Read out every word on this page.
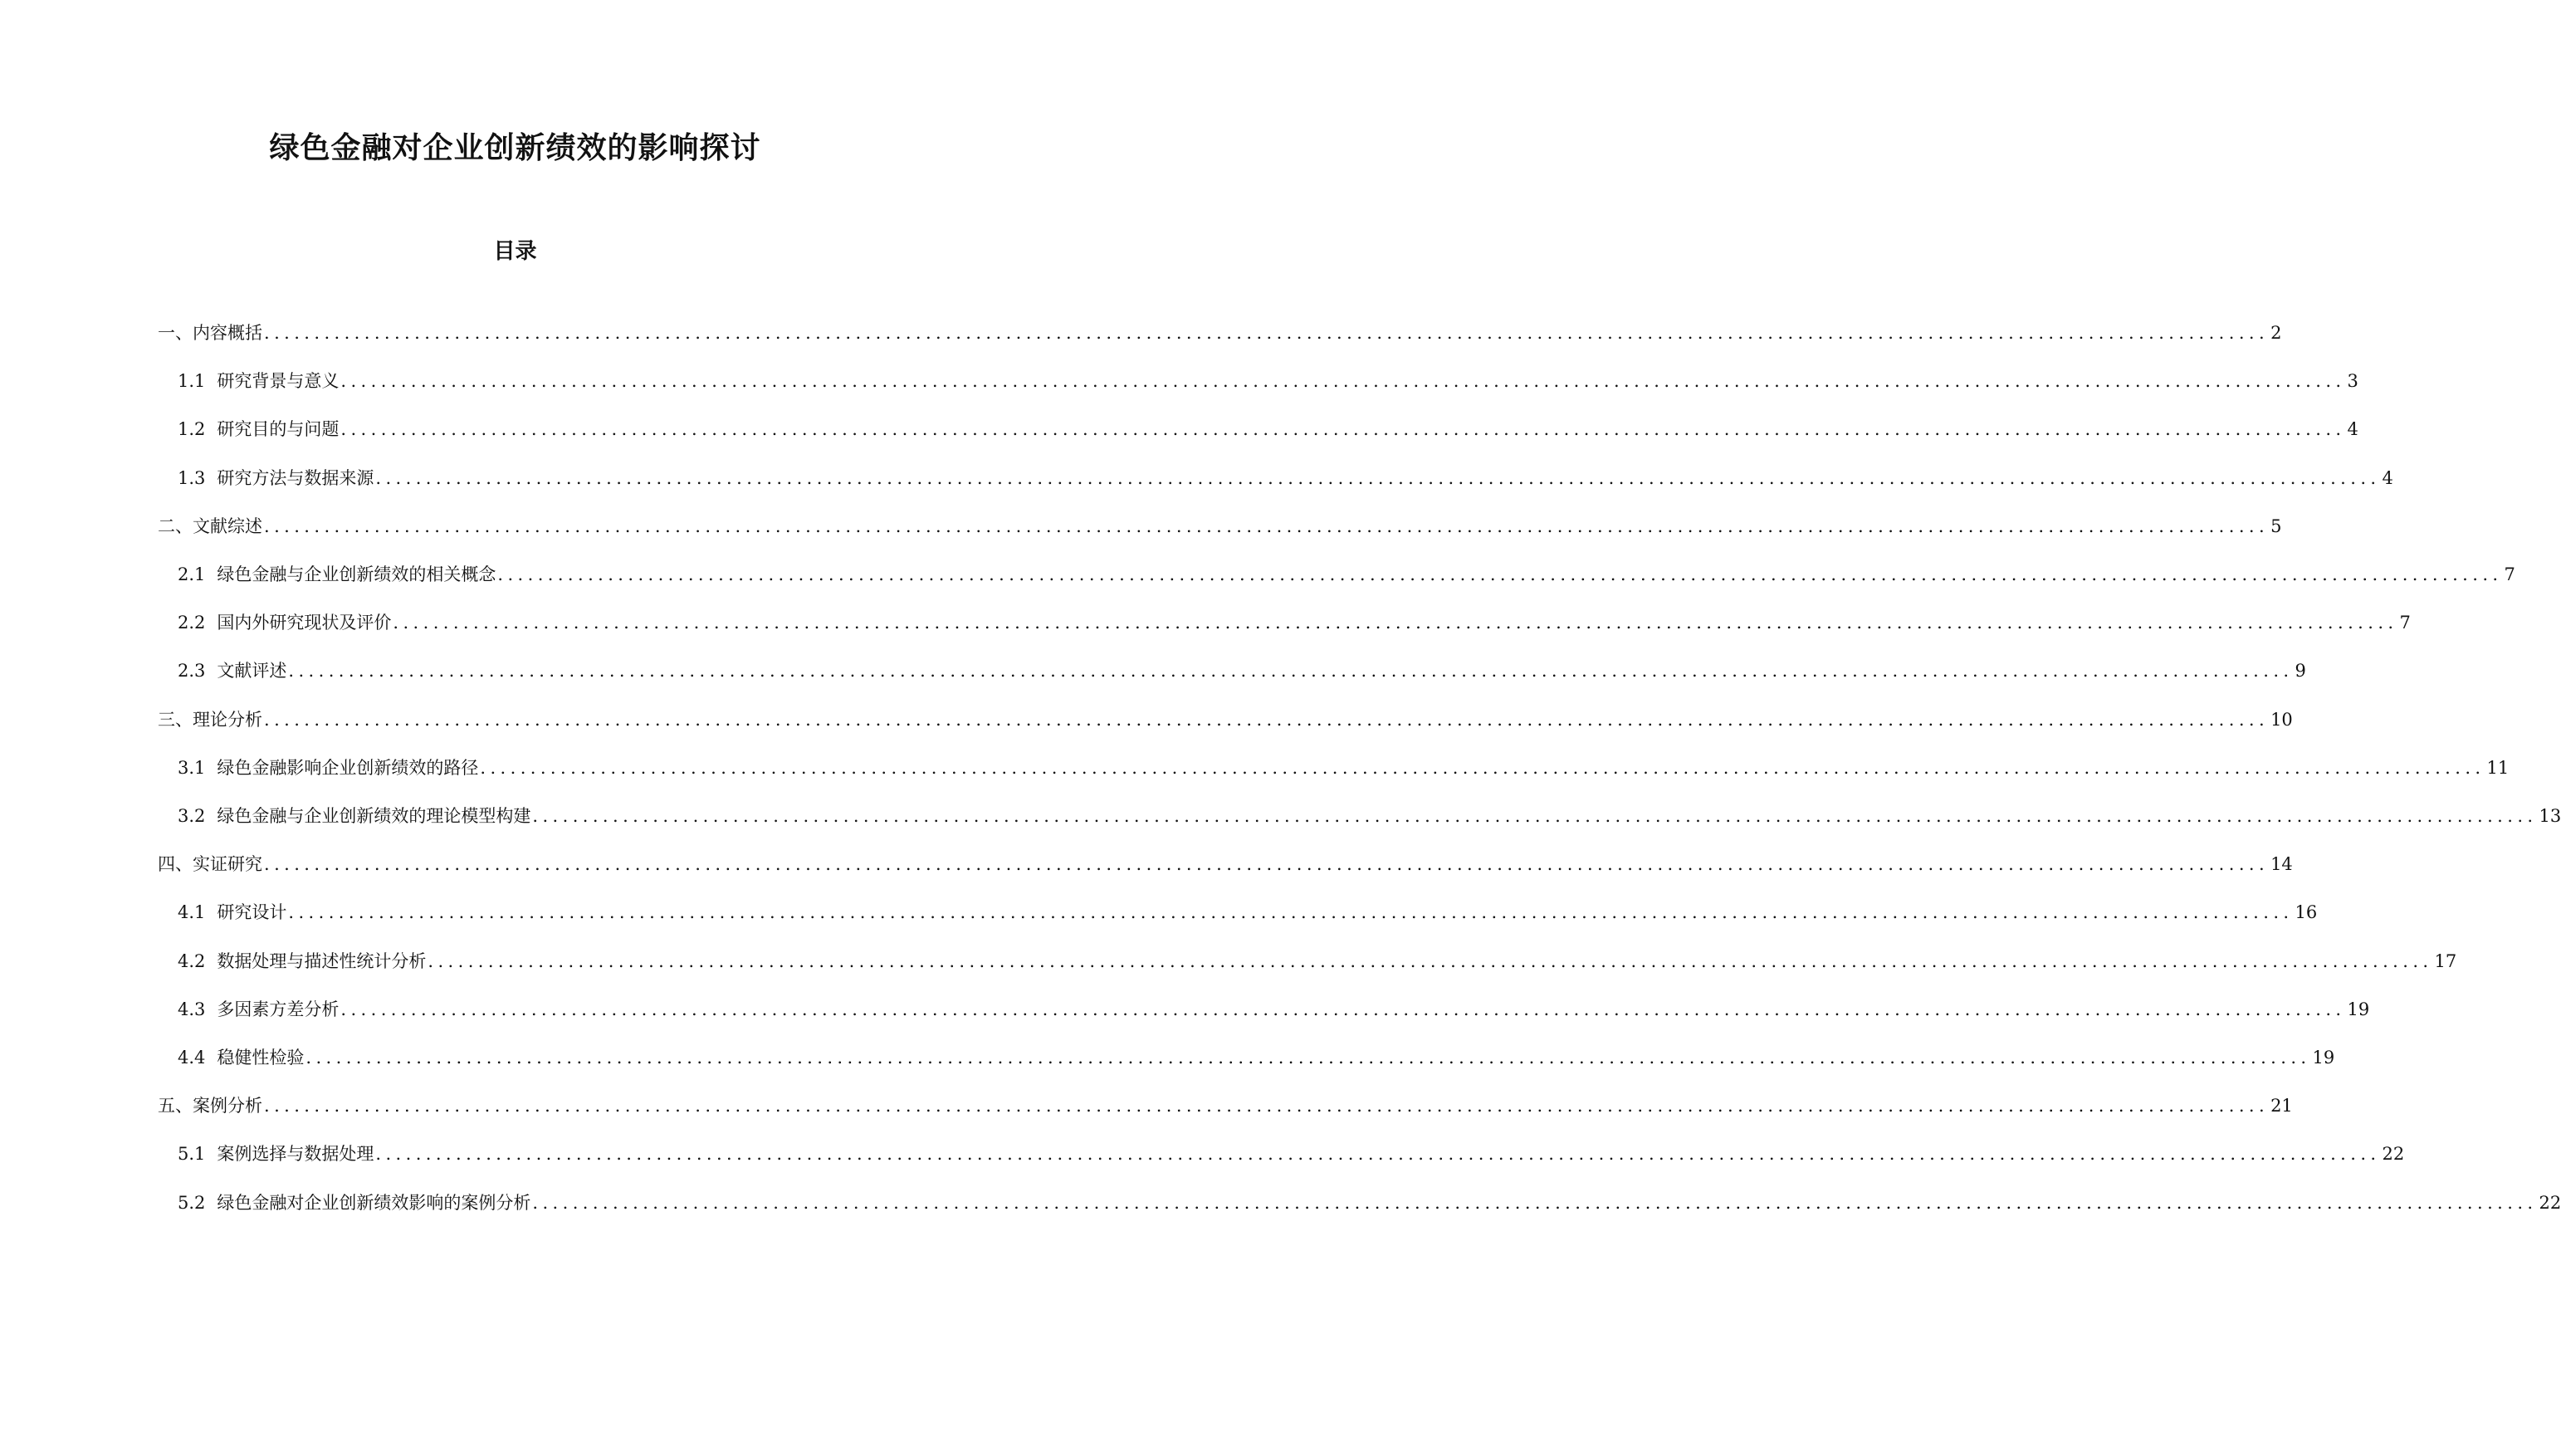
绿色金融对企业创新绩效的影响探讨
目录
一、内容概括 ........................................................................................................................................................................................................ 2
1.1 研究背景与意义 ........................................................................................................................................................................................................ 3
1.2 研究目的与问题 ........................................................................................................................................................................................................ 4
1.3 研究方法与数据来源 ........................................................................................................................................................................................................ 4
二、文献综述 ........................................................................................................................................................................................................ 5
2.1 绿色金融与企业创新绩效的相关概念 ........................................................................................................................................................................................................ 7
2.2 国内外研究现状及评价 ........................................................................................................................................................................................................ 7
2.3 文献评述 ........................................................................................................................................................................................................ 9
三、理论分析 ........................................................................................................................................................................................................ 10
3.1 绿色金融影响企业创新绩效的路径 ........................................................................................................................................................................................................ 11
3.2 绿色金融与企业创新绩效的理论模型构建 ........................................................................................................................................................................................................ 13
四、实证研究 ........................................................................................................................................................................................................ 14
4.1 研究设计 ........................................................................................................................................................................................................ 16
4.2 数据处理与描述性统计分析 ........................................................................................................................................................................................................ 17
4.3 多因素方差分析 ........................................................................................................................................................................................................ 19
4.4 稳健性检验 ........................................................................................................................................................................................................ 19
五、案例分析 ........................................................................................................................................................................................................ 21
5.1 案例选择与数据处理 ........................................................................................................................................................................................................ 22
5.2 绿色金融对企业创新绩效影响的案例分析 ........................................................................................................................................................................................................ 22
